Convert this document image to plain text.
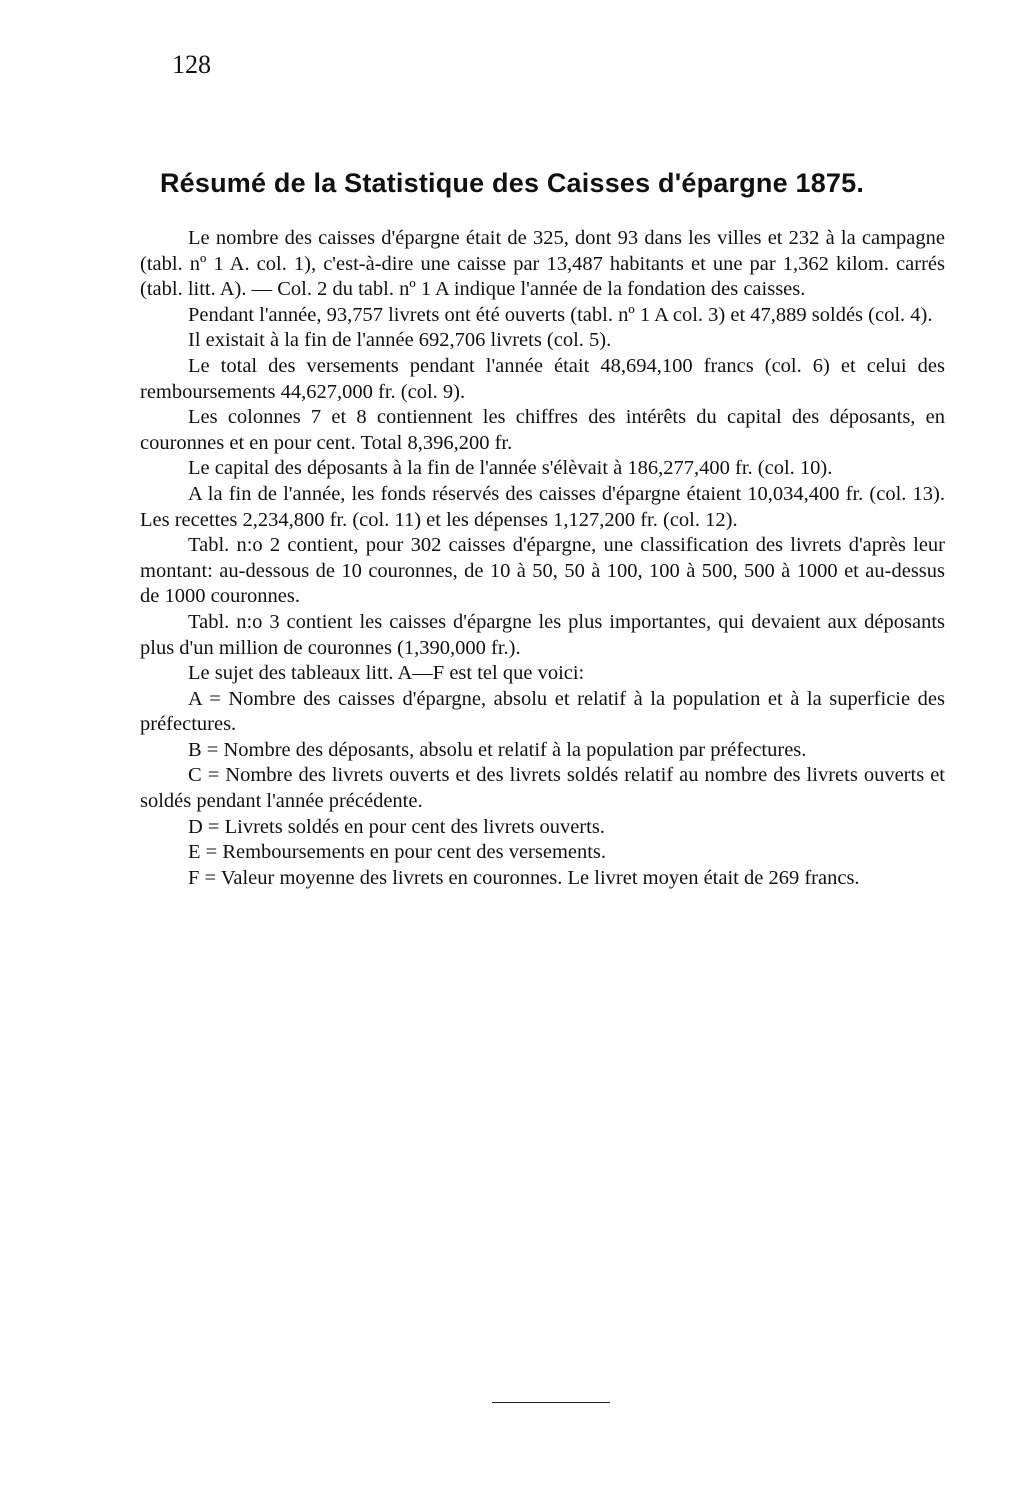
128
Résumé de la Statistique des Caisses d'épargne 1875.

Le nombre des caisses d'épargne était de 325, dont 93 dans les villes et 232 à la campagne (tabl. nº 1 A. col. 1), c'est-à-dire une caisse par 13,487 habitants et une par 1,362 kilom. carrés (tabl. litt. A). — Col. 2 du tabl. nº 1 A indique l'année de la fondation des caisses.

Pendant l'année, 93,757 livrets ont été ouverts (tabl. nº 1 A col. 3) et 47,889 soldés (col. 4).

Il existait à la fin de l'année 692,706 livrets (col. 5).

Le total des versements pendant l'année était 48,694,100 francs (col. 6) et celui des remboursements 44,627,000 fr. (col. 9).

Les colonnes 7 et 8 contiennent les chiffres des intérêts du capital des déposants, en couronnes et en pour cent. Total 8,396,200 fr.

Le capital des déposants à la fin de l'année s'élèvait à 186,277,400 fr. (col. 10).

A la fin de l'année, les fonds réservés des caisses d'épargne étaient 10,034,400 fr. (col. 13). Les recettes 2,234,800 fr. (col. 11) et les dépenses 1,127,200 fr. (col. 12).

Tabl. n:o 2 contient, pour 302 caisses d'épargne, une classification des livrets d'après leur montant: au-dessous de 10 couronnes, de 10 à 50, 50 à 100, 100 à 500, 500 à 1000 et au-dessus de 1000 couronnes.

Tabl. n:o 3 contient les caisses d'épargne les plus importantes, qui devaient aux déposants plus d'un million de couronnes (1,390,000 fr.).

Le sujet des tableaux litt. A—F est tel que voici:

A = Nombre des caisses d'épargne, absolu et relatif à la population et à la superficie des préfectures.

B = Nombre des déposants, absolu et relatif à la population par préfectures.

C = Nombre des livrets ouverts et des livrets soldés relatif au nombre des livrets ouverts et soldés pendant l'année précédente.

D = Livrets soldés en pour cent des livrets ouverts.

E = Remboursements en pour cent des versements.

F = Valeur moyenne des livrets en couronnes. Le livret moyen était de 269 francs.
